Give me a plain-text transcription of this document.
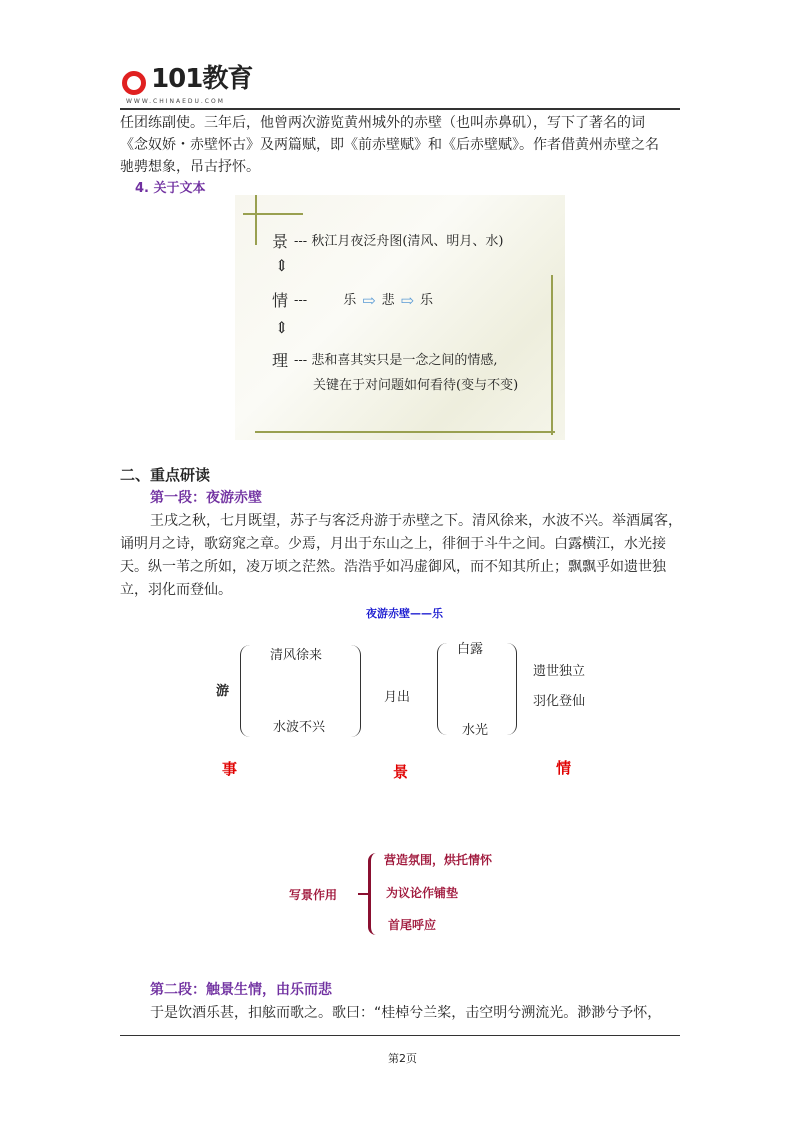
101教育
WWW.CHINAEDU.COM
任团练副使。三年后，他曾两次游览黄州城外的赤壁（也叫赤鼻矶），写下了著名的词
《念奴娇・赤壁怀古》及两篇赋，即《前赤壁赋》和《后赤壁赋》。作者借黄州赤壁之名
驰骋想象，吊古抒怀。
4. 关于文本
景 --- 秋江月夜泛舟图(清风、明月、水)
⇕
情 ---	乐 ⇨ 悲 ⇨ 乐
⇕
理 --- 悲和喜其实只是一念之间的情感,
关键在于对问题如何看待(变与不变)
二、重点研读
第一段：夜游赤壁
王戌之秋，七月既望，苏子与客泛舟游于赤壁之下。清风徐来，水波不兴。举酒属客，
诵明月之诗，歌窈窕之章。少焉，月出于东山之上，徘徊于斗牛之间。白露横江，水光接
天。纵一苇之所如，凌万顷之茫然。浩浩乎如冯虚御风，而不知其所止；飘飘乎如遗世独
立，羽化而登仙。
夜游赤壁——乐
游
清风徐来
水波不兴
月出
白露
水光
遗世独立
羽化登仙
事	景	情
写景作用
营造氛围，烘托情怀
为议论作铺垫
首尾呼应
第二段：触景生情，由乐而悲
于是饮酒乐甚，扣舷而歌之。歌曰：“桂棹兮兰桨，击空明兮溯流光。渺渺兮予怀，
第2页
